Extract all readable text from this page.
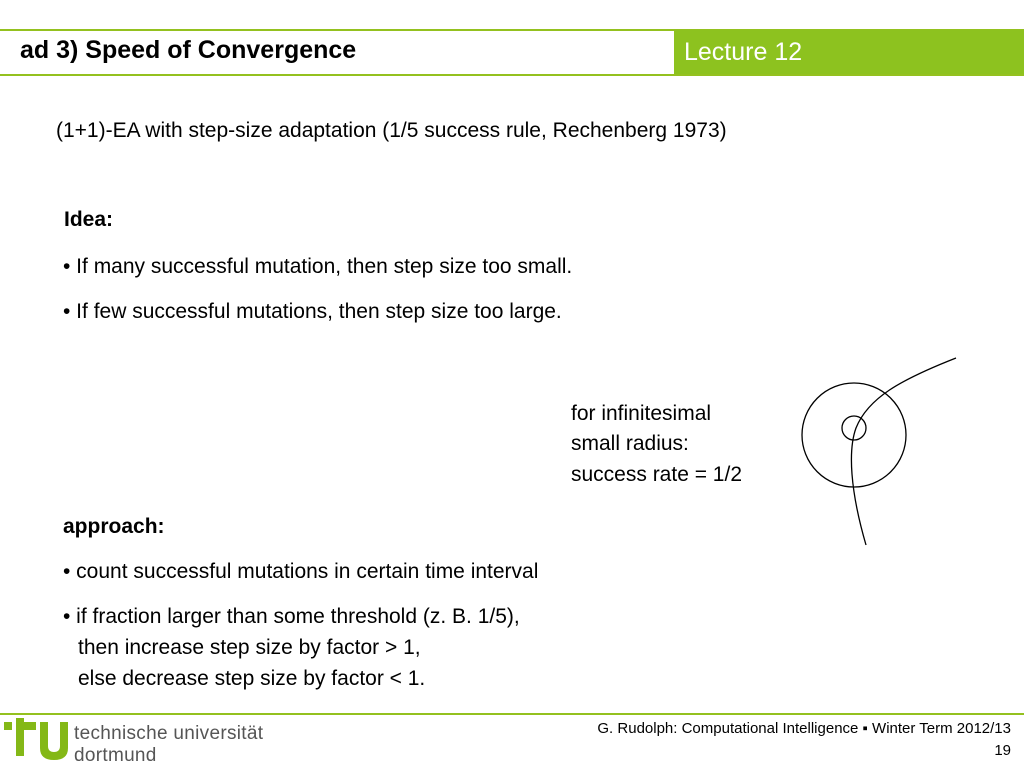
ad 3) Speed of Convergence	Lecture 12
(1+1)-EA with step-size adaptation (1/5 success rule, Rechenberg 1973)
Idea:
• If many successful mutation, then step size too small.
• If few successful mutations, then step size too large.
for infinitesimal
small radius:
success rate = 1/2
approach:
• count successful mutations in certain time interval
• if fraction larger than some threshold (z. B. 1/5),
then increase step size by factor > 1,
else decrease step size by factor < 1.
technische universität
dortmund
G. Rudolph: Computational Intelligence ▪ Winter Term 2012/13
19
